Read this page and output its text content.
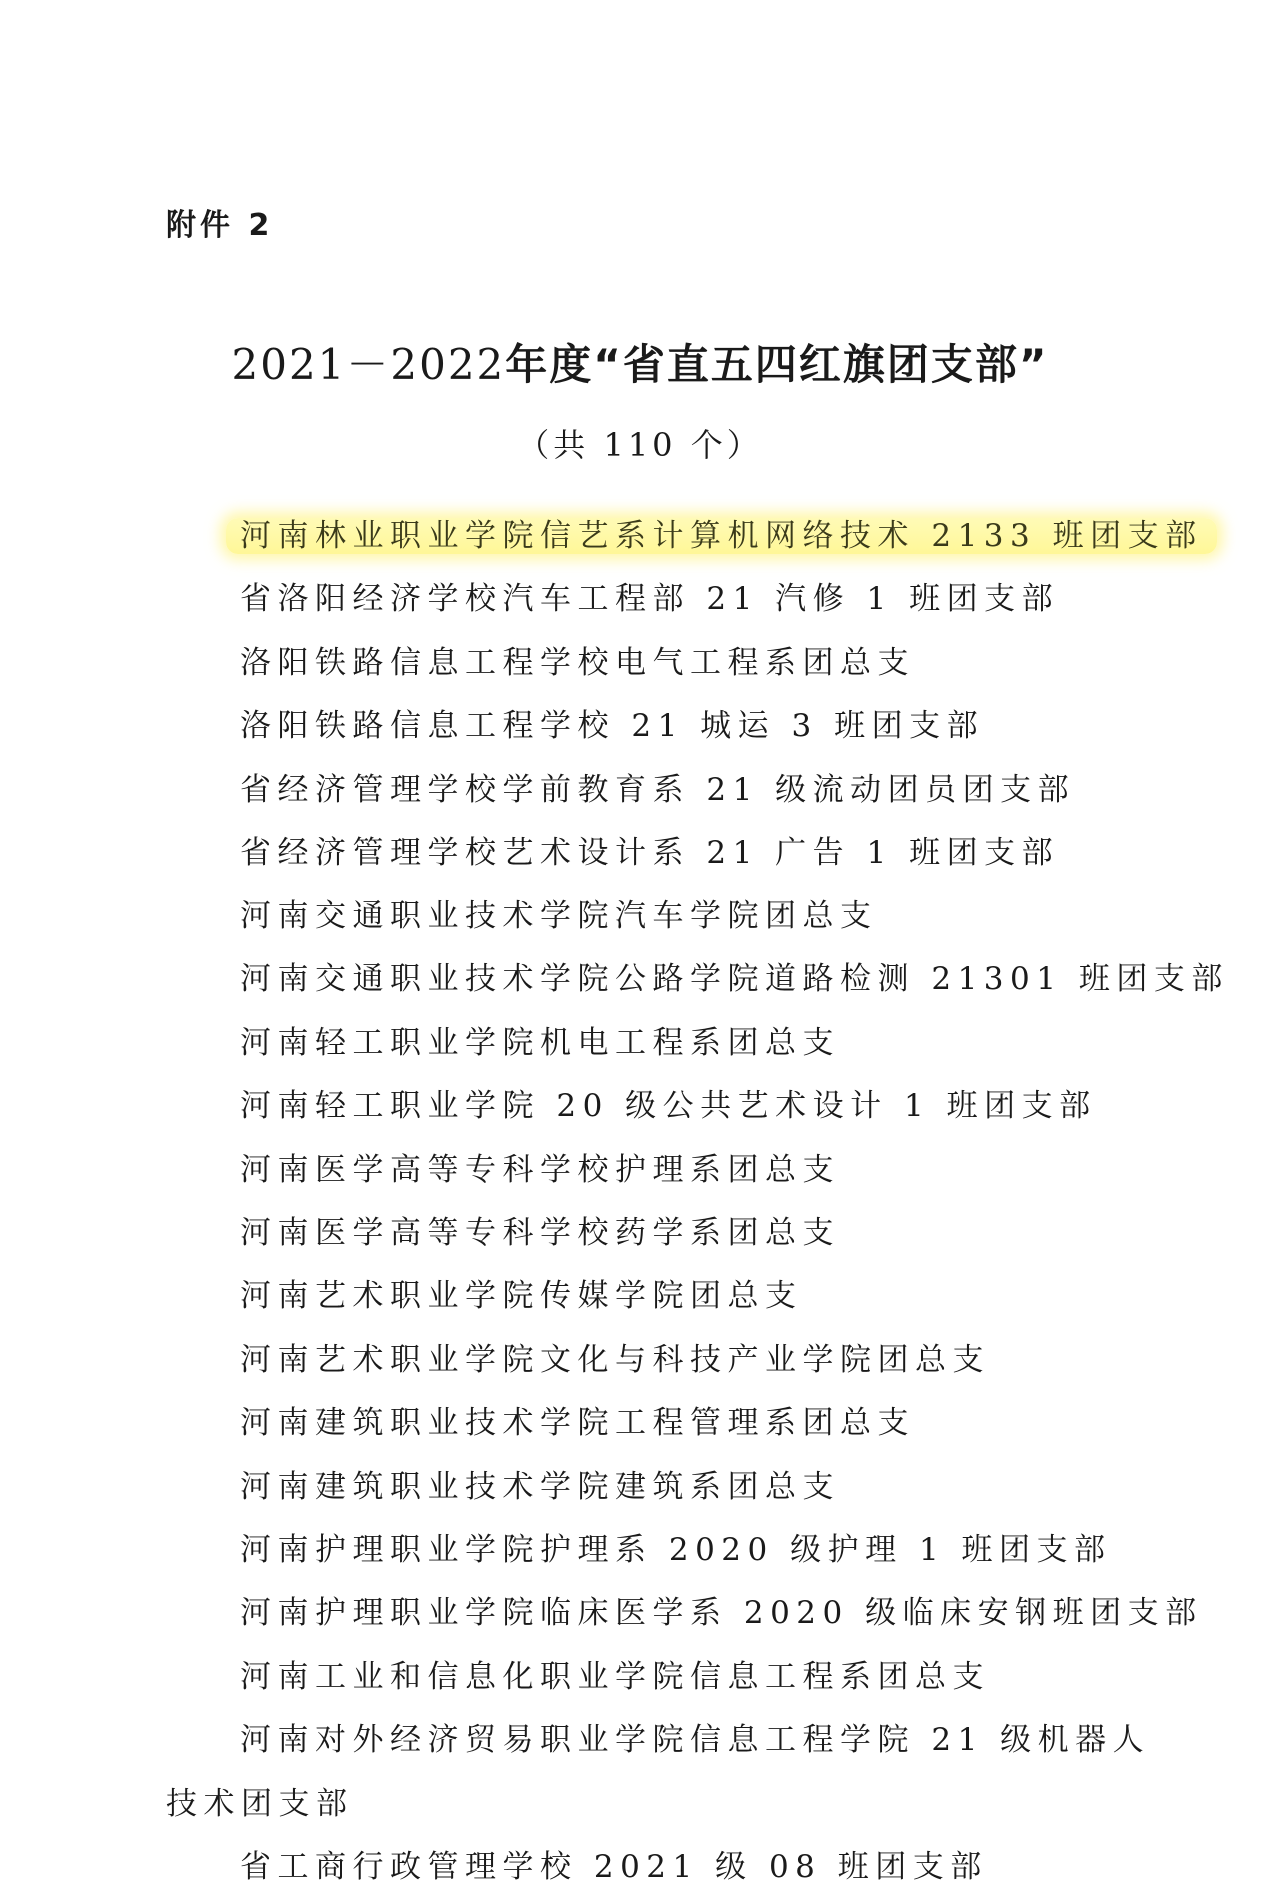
附件 2
2021－2022年度“省直五四红旗团支部”
（共 110 个）
河南林业职业学院信艺系计算机网络技术 2133 班团支部
省洛阳经济学校汽车工程部 21 汽修 1 班团支部
洛阳铁路信息工程学校电气工程系团总支
洛阳铁路信息工程学校 21 城运 3 班团支部
省经济管理学校学前教育系 21 级流动团员团支部
省经济管理学校艺术设计系 21 广告 1 班团支部
河南交通职业技术学院汽车学院团总支
河南交通职业技术学院公路学院道路检测 21301 班团支部
河南轻工职业学院机电工程系团总支
河南轻工职业学院 20 级公共艺术设计 1 班团支部
河南医学高等专科学校护理系团总支
河南医学高等专科学校药学系团总支
河南艺术职业学院传媒学院团总支
河南艺术职业学院文化与科技产业学院团总支
河南建筑职业技术学院工程管理系团总支
河南建筑职业技术学院建筑系团总支
河南护理职业学院护理系 2020 级护理 1 班团支部
河南护理职业学院临床医学系 2020 级临床安钢班团支部
河南工业和信息化职业学院信息工程系团总支
河南对外经济贸易职业学院信息工程学院 21 级机器人
技术团支部
省工商行政管理学校 2021 级 08 班团支部
